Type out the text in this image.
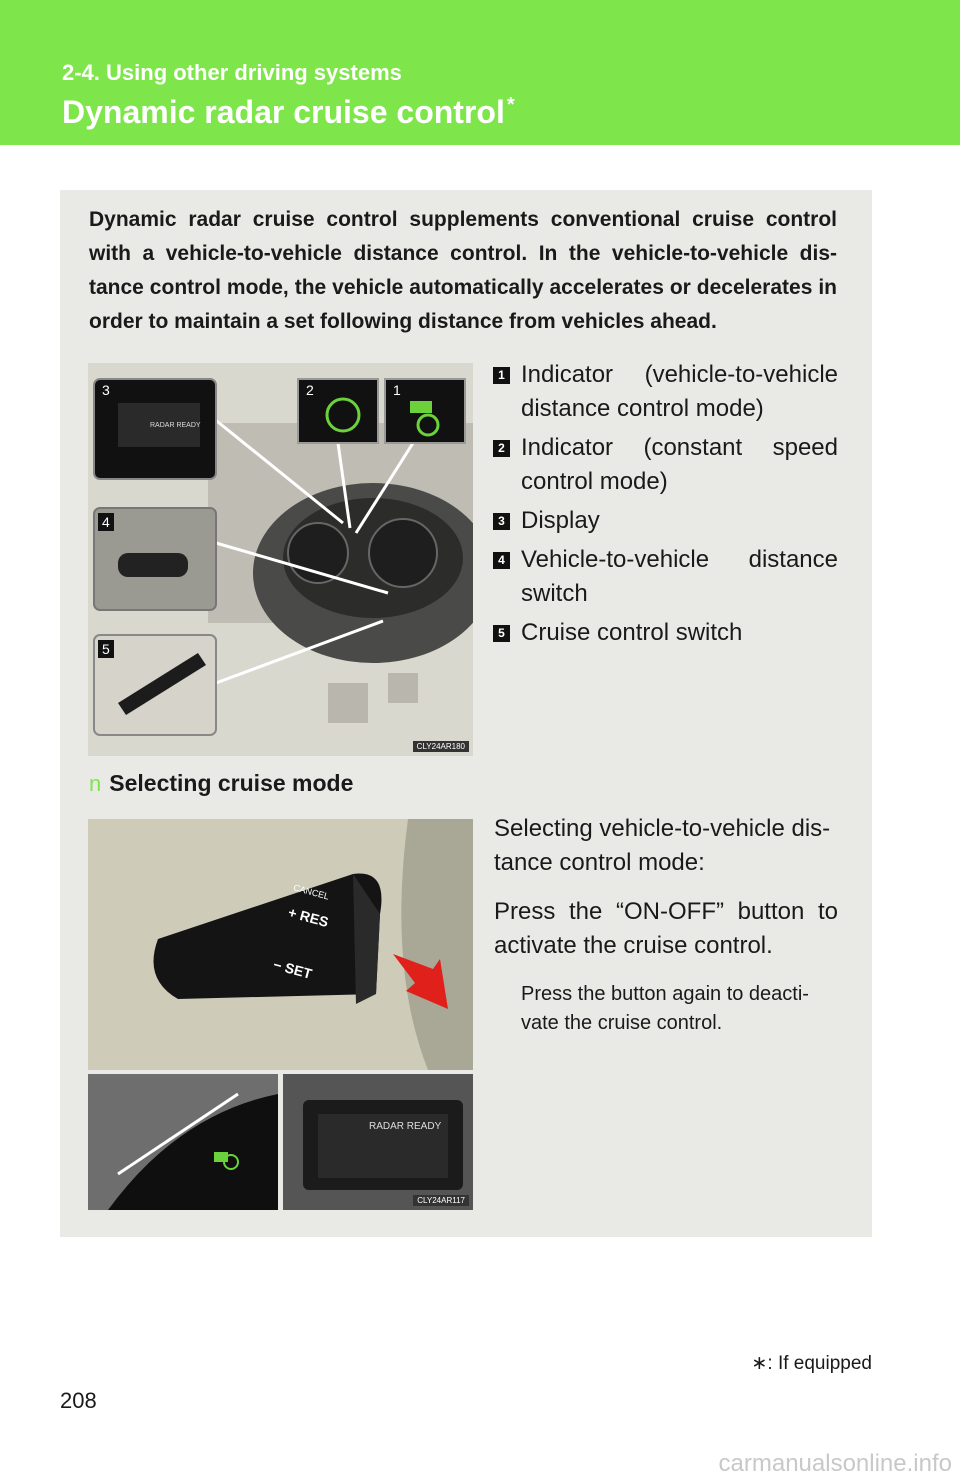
2-4. Using other driving systems
Dynamic radar cruise control *
Dynamic radar cruise control supplements conventional cruise control with a vehicle-to-vehicle distance control. In the vehicle-to-vehicle dis-tance control mode, the vehicle automatically accelerates or decelerates in order to maintain a set following distance from vehicles ahead.
3	2	1
4
5
RADAR READY
CLY24AR180
1 Indicator (vehicle-to-vehicle distance control mode)
2 Indicator (constant speed control mode)
3 Display
4 Vehicle-to-vehicle distance switch
5 Cruise control switch
n Selecting cruise mode
+ RES
− SET
CANCEL
RADAR READY
CLY24AR117
Selecting vehicle-to-vehicle dis-tance control mode:
Press the “ON-OFF” button to activate the cruise control.
Press the button again to deacti-vate the cruise control.
∗: If equipped
208
carmanualsonline.info
